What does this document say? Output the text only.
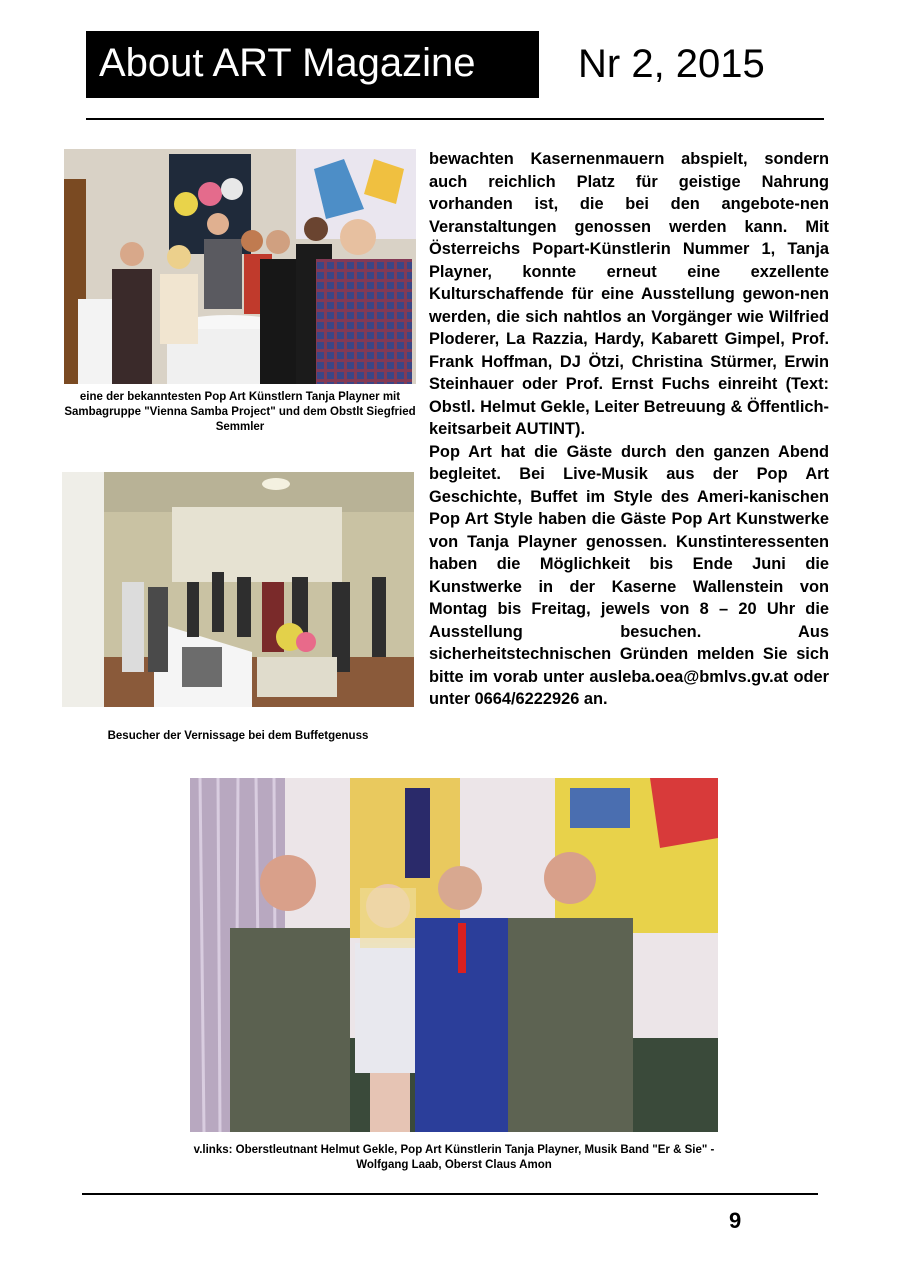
About ART Magazine	Nr 2, 2015
eine der bekanntesten Pop Art Künstlern Tanja Playner mit Sambagruppe "Vienna Samba Project" und dem Obstlt Siegfried Semmler
Besucher der Vernissage bei dem Buffetgenuss

bewachten Kasernenmauern abspielt, sondern auch reichlich Platz für geistige Nahrung vorhanden ist, die bei den angebote-nen Veranstaltungen genossen werden kann. Mit Österreichs Popart-Künstlerin Nummer 1, Tanja Playner, konnte erneut eine exzellente Kulturschaffende für eine Ausstellung gewon-nen werden, die sich nahtlos an Vorgänger wie Wilfried Ploderer, La Razzia, Hardy, Kabarett Gimpel, Prof. Frank Hoffman, DJ Ötzi, Christina Stürmer, Erwin Steinhauer oder Prof. Ernst Fuchs einreiht (Text: Obstl. Helmut Gekle, Leiter Betreuung & Öffentlich-keitsarbeit AUTINT).

Pop Art hat die Gäste durch den ganzen Abend begleitet. Bei Live-Musik aus der Pop Art Geschichte, Buffet im Style des Ameri-kanischen Pop Art Style haben die Gäste Pop Art Kunstwerke von Tanja Playner genossen. Kunstinteressenten haben die Möglichkeit bis Ende Juni die Kunstwerke in der Kaserne Wallenstein von Montag bis Freitag, jewels von 8 – 20 Uhr die Ausstellung besuchen. Aus sicherheitstechnischen Gründen melden Sie sich bitte im vorab unter ausleba.oea@bmlvs.gv.at oder unter 0664/6222926 an.

v.links: Oberstleutnant Helmut Gekle, Pop Art Künstlerin Tanja Playner, Musik Band "Er & Sie" - Wolfgang Laab, Oberst Claus Amon
9
